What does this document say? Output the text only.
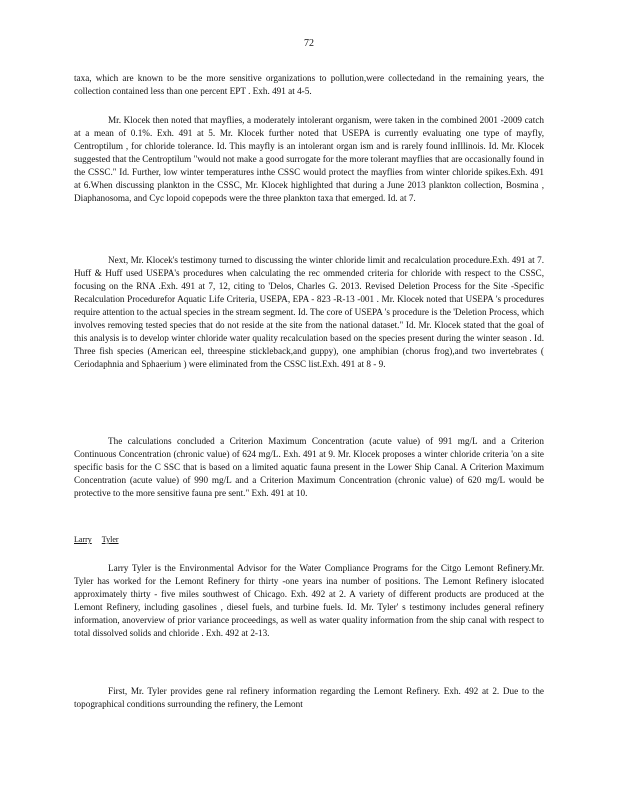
72

taxa, which are known to be the more sensitive organizations to pollution,were collectedand in the remaining years, the collection contained less than one percent EPT . Exh. 491 at 4-5.

Mr. Klocek then noted that mayflies, a moderately intolerant organism, were taken in the combined 2001 -2009 catch at a mean of 0.1%. Exh. 491 at 5. Mr. Klocek further noted that USEPA is currently evaluating one type of mayfly, Centroptilum , for chloride tolerance. Id. This mayfly is an intolerant organ ism and is rarely found inIllinois. Id. Mr. Klocek suggested that the Centroptilum "would not make a good surrogate for the more tolerant mayflies that are occasionally found in the CSSC." Id. Further, low winter temperatures inthe CSSC would protect the mayflies from winter chloride spikes.Exh. 491 at 6.When discussing plankton in the CSSC, Mr. Klocek highlighted that during a June 2013 plankton collection, Bosmina , Diaphanosoma, and Cyc lopoid copepods were the three plankton taxa that emerged. Id. at 7.

Next, Mr. Klocek's testimony turned to discussing the winter chloride limit and recalculation procedure.Exh. 491 at 7. Huff & Huff used USEPA's procedures when calculating the rec ommended criteria for chloride with respect to the CSSC, focusing on the RNA .Exh. 491 at 7, 12, citing to 'Delos, Charles G. 2013. Revised Deletion Process for the Site -Specific Recalculation Procedurefor Aquatic Life Criteria, USEPA, EPA - 823 -R-13 -001 . Mr. Klocek noted that USEPA 's procedures require attention to the actual species in the stream segment. Id. The core of USEPA 's procedure is the 'Deletion Process, which involves removing tested species that do not reside at the site from the national dataset." Id. Mr. Klocek stated that the goal of this analysis is to develop winter chloride water quality recalculation based on the species present during the winter season . Id. Three fish species (American eel, threespine stickleback,and guppy), one amphibian (chorus frog),and two invertebrates ( Ceriodaphnia and Sphaerium ) were eliminated from the CSSC list.Exh. 491 at 8 - 9.

The calculations concluded a Criterion Maximum Concentration (acute value) of 991 mg/L and a Criterion Continuous Concentration (chronic value) of 624 mg/L. Exh. 491 at 9. Mr. Klocek proposes a winter chloride criteria 'on a site specific basis for the C SSC that is based on a limited aquatic fauna present in the Lower Ship Canal. A Criterion Maximum Concentration (acute value) of 990 mg/L and a Criterion Maximum Concentration (chronic value) of 620 mg/L would be protective to the more sensitive fauna pre sent." Exh. 491 at 10.

Larry Tyler

Larry Tyler is the Environmental Advisor for the Water Compliance Programs for the Citgo Lemont Refinery.Mr. Tyler has worked for the Lemont Refinery for thirty -one years ina number of positions. The Lemont Refinery islocated approximately thirty - five miles southwest of Chicago. Exh. 492 at 2. A variety of different products are produced at the Lemont Refinery, including gasolines , diesel fuels, and turbine fuels. Id. Mr. Tyler' s testimony includes general refinery information, anoverview of prior variance proceedings, as well as water quality information from the ship canal with respect to total dissolved solids and chloride . Exh. 492 at 2-13.

First, Mr. Tyler provides gene ral refinery information regarding the Lemont Refinery. Exh. 492 at 2. Due to the topographical conditions surrounding the refinery, the Lemont
